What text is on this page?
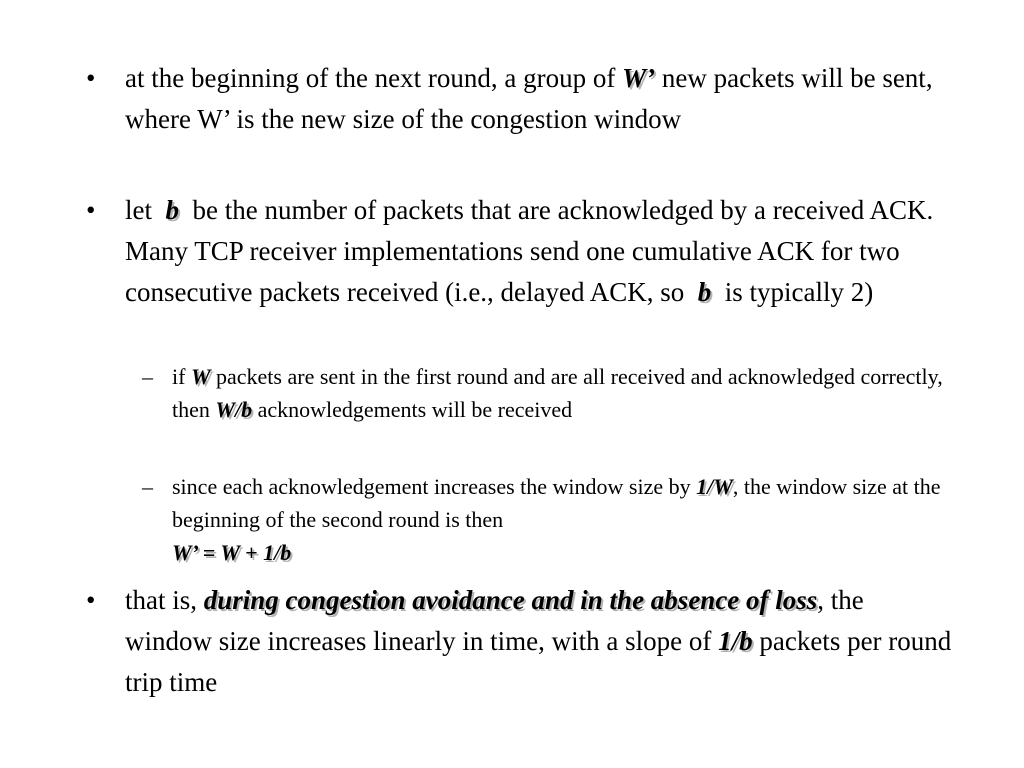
• at the beginning of the next round, a group of W’ new packets will be sent, where W’ is the new size of the congestion window
• let b be the number of packets that are acknowledged by a received ACK. Many TCP receiver implementations send one cumulative ACK for two consecutive packets received (i.e., delayed ACK, so b is typically 2)
– if W packets are sent in the first round and are all received and acknowledged correctly, then W/b acknowledgements will be received
– since each acknowledgement increases the window size by 1/W, the window size at the beginning of the second round is then
W’ = W + 1/b
• that is, during congestion avoidance and in the absence of loss, the window size increases linearly in time, with a slope of 1/b packets per round trip time
